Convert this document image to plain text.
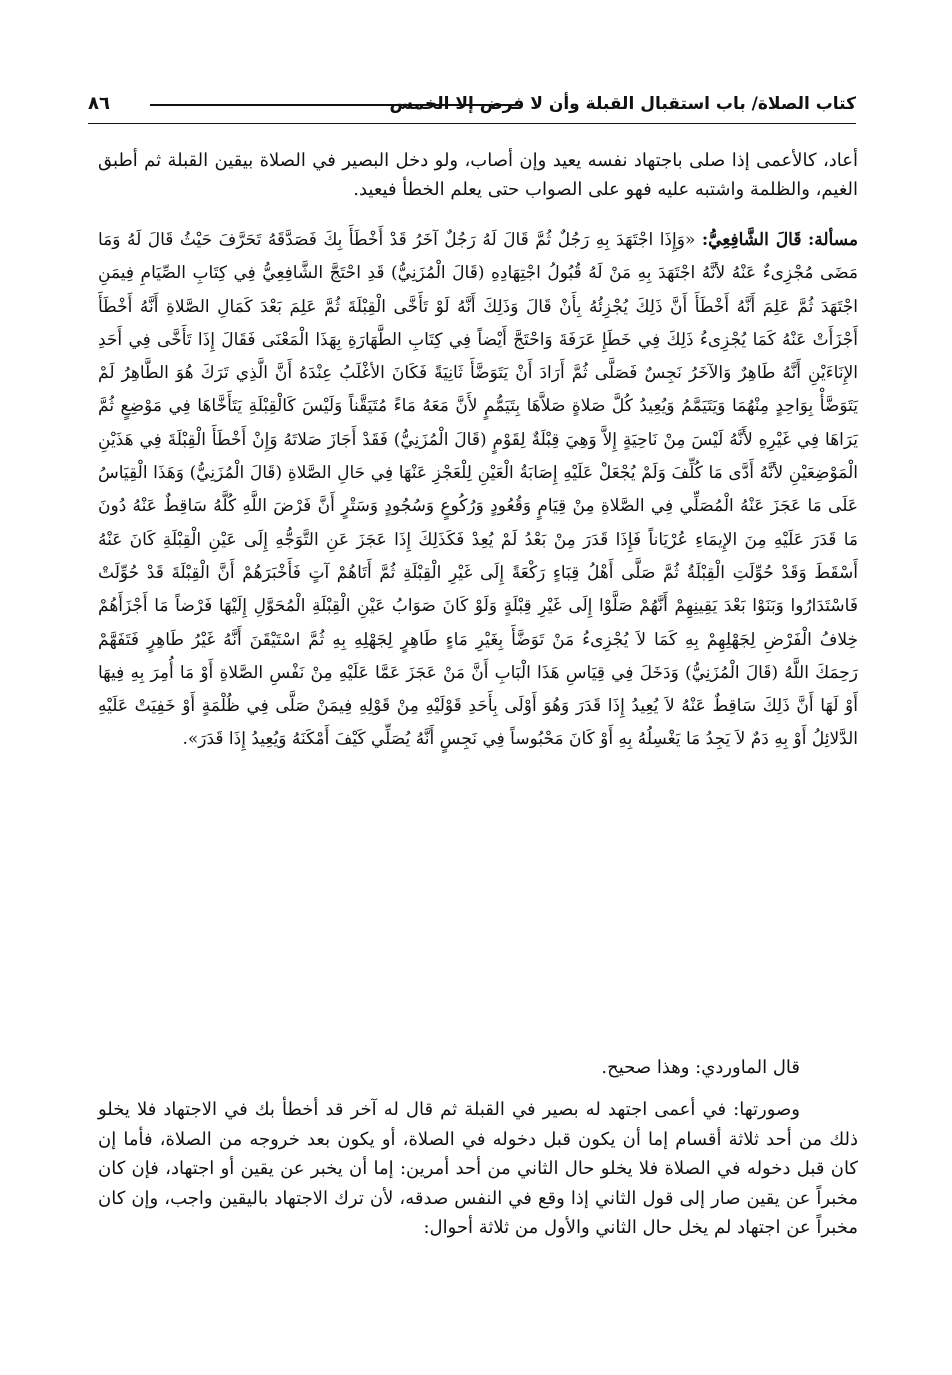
كتاب الصلاة/ باب استقبال القبلة وأن لا فرض إلا الخمس
٨٦
أعاد، كالأعمى إذا صلى باجتهاد نفسه يعيد وإن أصاب، ولو دخل البصير في الصلاة بيقين القبلة ثم أطبق الغيم، والظلمة واشتبه عليه فهو على الصواب حتى يعلم الخطأ فيعيد.
مسألة: قَالَ الشَّافِعِيُّ: «وَإِذَا اجْتَهَدَ بِهِ رَجُلٌ ثُمَّ قَالَ لَهُ رَجُلٌ آخَرُ قَدْ أَخْطَأَ بِكَ فَصَدَّقَهُ تَحَرَّفَ حَيْثُ قَالَ لَهُ وَمَا مَضَى مُجْزِىءٌ عَنْهُ لأنَّهُ اجْتَهَدَ بِهِ مَنْ لَهُ قُبُولُ اجْتِهَادِهِ (قَالَ الْمُزَنِيُّ) قَدِ احْتَجَّ الشَّافِعِيُّ فِي كِتَابِ الصِّيَامِ فِيمَنِ اجْتَهَدَ ثُمَّ عَلِمَ أَنَّهُ أَخْطَأَ أَنَّ ذَلِكَ يُجْزِئُهُ بِأَنْ قَالَ وَذَلِكَ أَنَّهُ لَوْ تَأَخَّى الْقِبْلَةَ ثُمَّ عَلِمَ بَعْدَ كَمَالِ الصَّلاةِ أَنَّهُ أَخْطَأَ أَجْزَأَتْ عَنْهُ كَمَا يُجْزِىءُ ذَلِكَ فِي خَطَإِ عَرَفَةَ وَاحْتَجَّ أَيْضاً فِي كِتَابِ الطَّهَارَةِ بِهَذَا الْمَعْنَى فَقَالَ إِذَا تَأَخَّى فِي أَحَدِ الإِنَاءَيْنِ أَنَّهُ طَاهِرٌ وَالآخَرُ نَجِسٌ فَصَلَّى ثُمَّ أَرَادَ أَنْ يَتَوَضَّأَ ثَانِيَةً فَكَانَ الأغْلَبُ عِنْدَهُ أَنَّ الَّذِي تَرَكَ هُوَ الطَّاهِرُ لَمْ يَتَوَضَّأْ بِوَاحِدٍ مِنْهُمَا وَيَتَيَمَّمُ وَيُعِيدُ كُلَّ صَلاةٍ صَلاَّهَا بِتَيَمُّمٍ لأَنَّ مَعَهُ مَاءً مُتَيَقَّناً وَلَيْسَ كَالْقِبْلَةِ يَتَأَخَّاهَا فِي مَوْضِعٍ ثُمَّ يَرَاهَا فِي غَيْرِهِ لأَنَّهُ لَيْسَ مِنْ نَاحِيَةٍ إِلاَّ وَهِيَ قِبْلَةٌ لِقَوْمٍ (قَالَ الْمُزَنِيُّ) فَقَدْ أَجَازَ صَلاتَهُ وَإِنْ أَخْطَأَ الْقِبْلَةَ فِي هَذَيْنِ الْمَوْضِعَيْنِ لأنَّهُ أَدَّى مَا كُلِّفَ وَلَمْ يُجْعَلْ عَلَيْهِ إِصَابَةُ الْعَيْنِ لِلْعَجْزِ عَنْهَا فِي حَالِ الصَّلاةِ (قَالَ الْمُزَنِيُّ) وَهَذَا الْقِيَاسُ عَلَى مَا عَجَزَ عَنْهُ الْمُصَلِّي فِي الصَّلاةِ مِنْ قِيَامٍ وَقُعُودٍ وَرُكُوعٍ وَسُجُودٍ وَسَتْرٍ أَنَّ فَرْضَ اللَّهِ كُلَّهُ سَاقِطٌ عَنْهُ دُونَ مَا قَدَرَ عَلَيْهِ مِنَ الإِيمَاءِ عُرْيَاناً فَإِذَا قَدَرَ مِنْ بَعْدُ لَمْ يُعِدْ فَكَذَلِكَ إِذَا عَجَزَ عَنِ التَّوَجُّهِ إِلَى عَيْنِ الْقِبْلَةِ كَانَ عَنْهُ أَسْقَطَ وَقَدْ حُوِّلَتِ الْقِبْلَةُ ثُمَّ صَلَّى أَهْلُ قِبَاءٍ رَكْعَةً إِلَى غَيْرِ الْقِبْلَةِ ثُمَّ أَتَاهُمْ آتٍ فَأَخْبَرَهُمْ أَنَّ الْقِبْلَةَ قَدْ حُوِّلَتْ فَاسْتَدَارُوا وَبَنَوْا بَعْدَ يَقِينِهِمْ أَنَّهُمْ صَلَّوْا إِلَى غَيْرِ قِبْلَةٍ وَلَوْ كَانَ صَوَابُ عَيْنِ الْقِبْلَةِ الْمُحَوَّلِ إِلَيْهَا فَرْضاً مَا أَجْزَأَهُمْ خِلافُ الْفَرْضِ لِجَهْلِهِمْ بِهِ كَمَا لاَ يُجْزِىءُ مَنْ تَوَضَّأَ بِغَيْرِ مَاءٍ طَاهِرٍ لِجَهْلِهِ بِهِ ثُمَّ اسْتَيْقَنَ أَنَّهُ غَيْرُ طَاهِرٍ فَتَفَهَّمْ رَحِمَكَ اللَّهُ (قَالَ الْمُزَنِيُّ) وَدَخَلَ فِي قِيَاسِ هَذَا الْبَابِ أَنَّ مَنْ عَجَزَ عَمَّا عَلَيْهِ مِنْ نَفْسِ الصَّلاةِ أَوْ مَا أُمِرَ بِهِ فِيهَا أَوْ لَهَا أَنَّ ذَلِكَ سَاقِطٌ عَنْهُ لاَ يُعِيدُ إِذَا قَدَرَ وَهُوَ أَوْلَى بِأَحَدِ قَوْلَيْهِ مِنْ قَوْلِهِ فِيمَنْ صَلَّى فِي ظُلْمَةٍ أَوْ خَفِيَتْ عَلَيْهِ الدَّلائِلُ أَوْ بِهِ دَمٌ لاَ يَجِدُ مَا يَغْسِلُهُ بِهِ أَوْ كَانَ مَحْبُوساً فِي نَجِسٍ أَنَّهُ يُصَلِّي كَيْفَ أَمْكَنَهُ وَيُعِيدُ إِذَا قَدَرَ».
قال الماوردي: وهذا صحيح.
وصورتها: في أعمى اجتهد له بصير في القبلة ثم قال له آخر قد أخطأ بك في الاجتهاد فلا يخلو ذلك من أحد ثلاثة أقسام إما أن يكون قبل دخوله في الصلاة، أو يكون بعد خروجه من الصلاة، فأما إن كان قبل دخوله في الصلاة فلا يخلو حال الثاني من أحد أمرين: إما أن يخبر عن يقين أو اجتهاد، فإن كان مخبراً عن يقين صار إلى قول الثاني إذا وقع في النفس صدقه، لأن ترك الاجتهاد باليقين واجب، وإن كان مخبراً عن اجتهاد لم يخل حال الثاني والأول من ثلاثة أحوال:
